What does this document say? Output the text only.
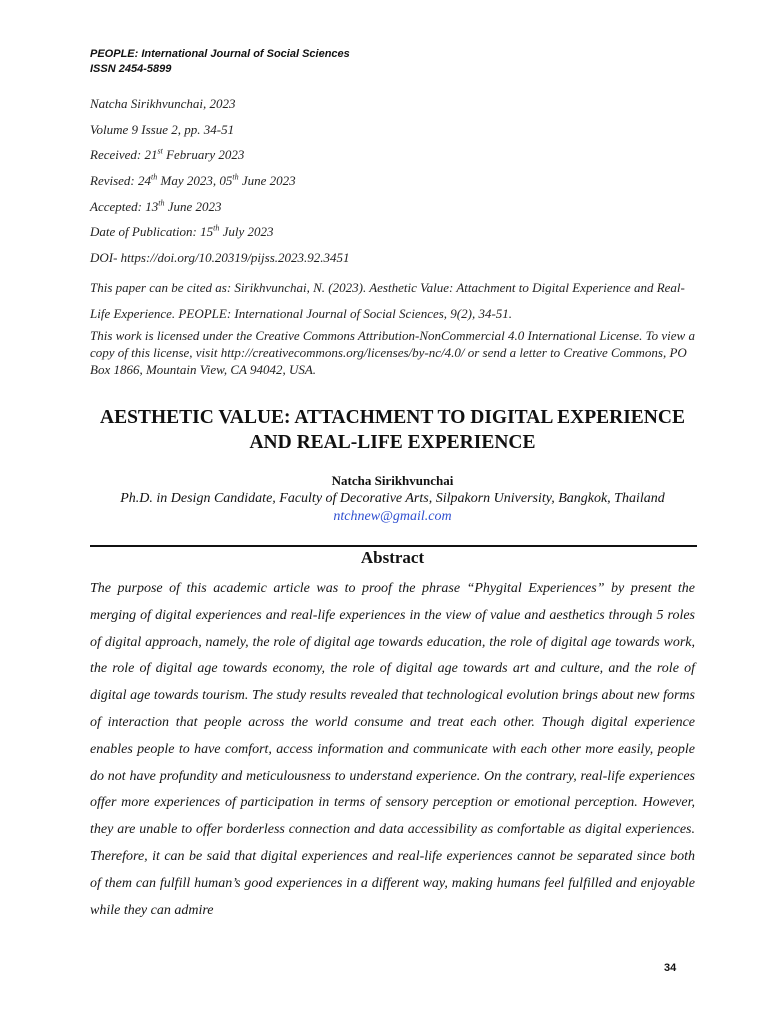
PEOPLE: International Journal of Social Sciences
ISSN 2454-5899
Natcha Sirikhvunchai, 2023
Volume 9 Issue 2, pp. 34-51
Received: 21st February 2023
Revised: 24th May 2023, 05th June 2023
Accepted: 13th June 2023
Date of Publication: 15th July 2023
DOI- https://doi.org/10.20319/pijss.2023.92.3451
This paper can be cited as: Sirikhvunchai, N. (2023). Aesthetic Value: Attachment to Digital Experience and Real-Life Experience. PEOPLE: International Journal of Social Sciences, 9(2), 34-51.
This work is licensed under the Creative Commons Attribution-NonCommercial 4.0 International License. To view a copy of this license, visit http://creativecommons.org/licenses/by-nc/4.0/ or send a letter to Creative Commons, PO Box 1866, Mountain View, CA 94042, USA.
AESTHETIC VALUE: ATTACHMENT TO DIGITAL EXPERIENCE AND REAL-LIFE EXPERIENCE
Natcha Sirikhvunchai
Ph.D. in Design Candidate, Faculty of Decorative Arts, Silpakorn University, Bangkok, Thailand
ntchnew@gmail.com
Abstract

The purpose of this academic article was to proof the phrase “Phygital Experiences” by present the merging of digital experiences and real-life experiences in the view of value and aesthetics through 5 roles of digital approach, namely, the role of digital age towards education, the role of digital age towards work, the role of digital age towards economy, the role of digital age towards art and culture, and the role of digital age towards tourism. The study results revealed that technological evolution brings about new forms of interaction that people across the world consume and treat each other. Though digital experience enables people to have comfort, access information and communicate with each other more easily, people do not have profundity and meticulousness to understand experience. On the contrary, real-life experiences offer more experiences of participation in terms of sensory perception or emotional perception. However, they are unable to offer borderless connection and data accessibility as comfortable as digital experiences. Therefore, it can be said that digital experiences and real-life experiences cannot be separated since both of them can fulfill human’s good experiences in a different way, making humans feel fulfilled and enjoyable while they can admire

34
